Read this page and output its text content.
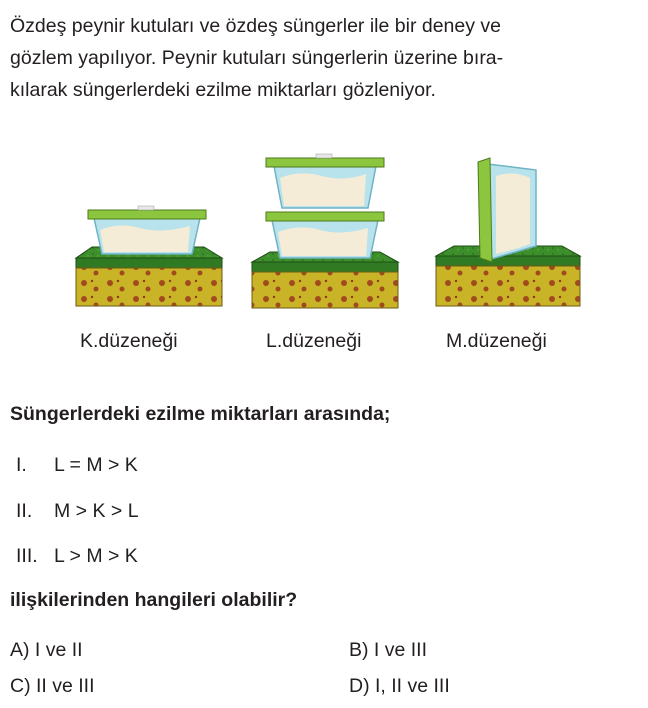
Özdeş peynir kutuları ve özdeş süngerler ile bir deney ve
gözlem yapılıyor. Peynir kutuları süngerlerin üzerine bıra-
kılarak süngerlerdeki ezilme miktarları gözleniyor.

K.düzeneği	L.düzeneği	M.düzeneği
Süngerlerdeki ezilme miktarları arasında;
I. L = M > K
II. M > K > L
III. L > M > K
ilişkilerinden hangileri olabilir?
A) I ve II	B) I ve III
C) II ve III	D) I, II ve III
